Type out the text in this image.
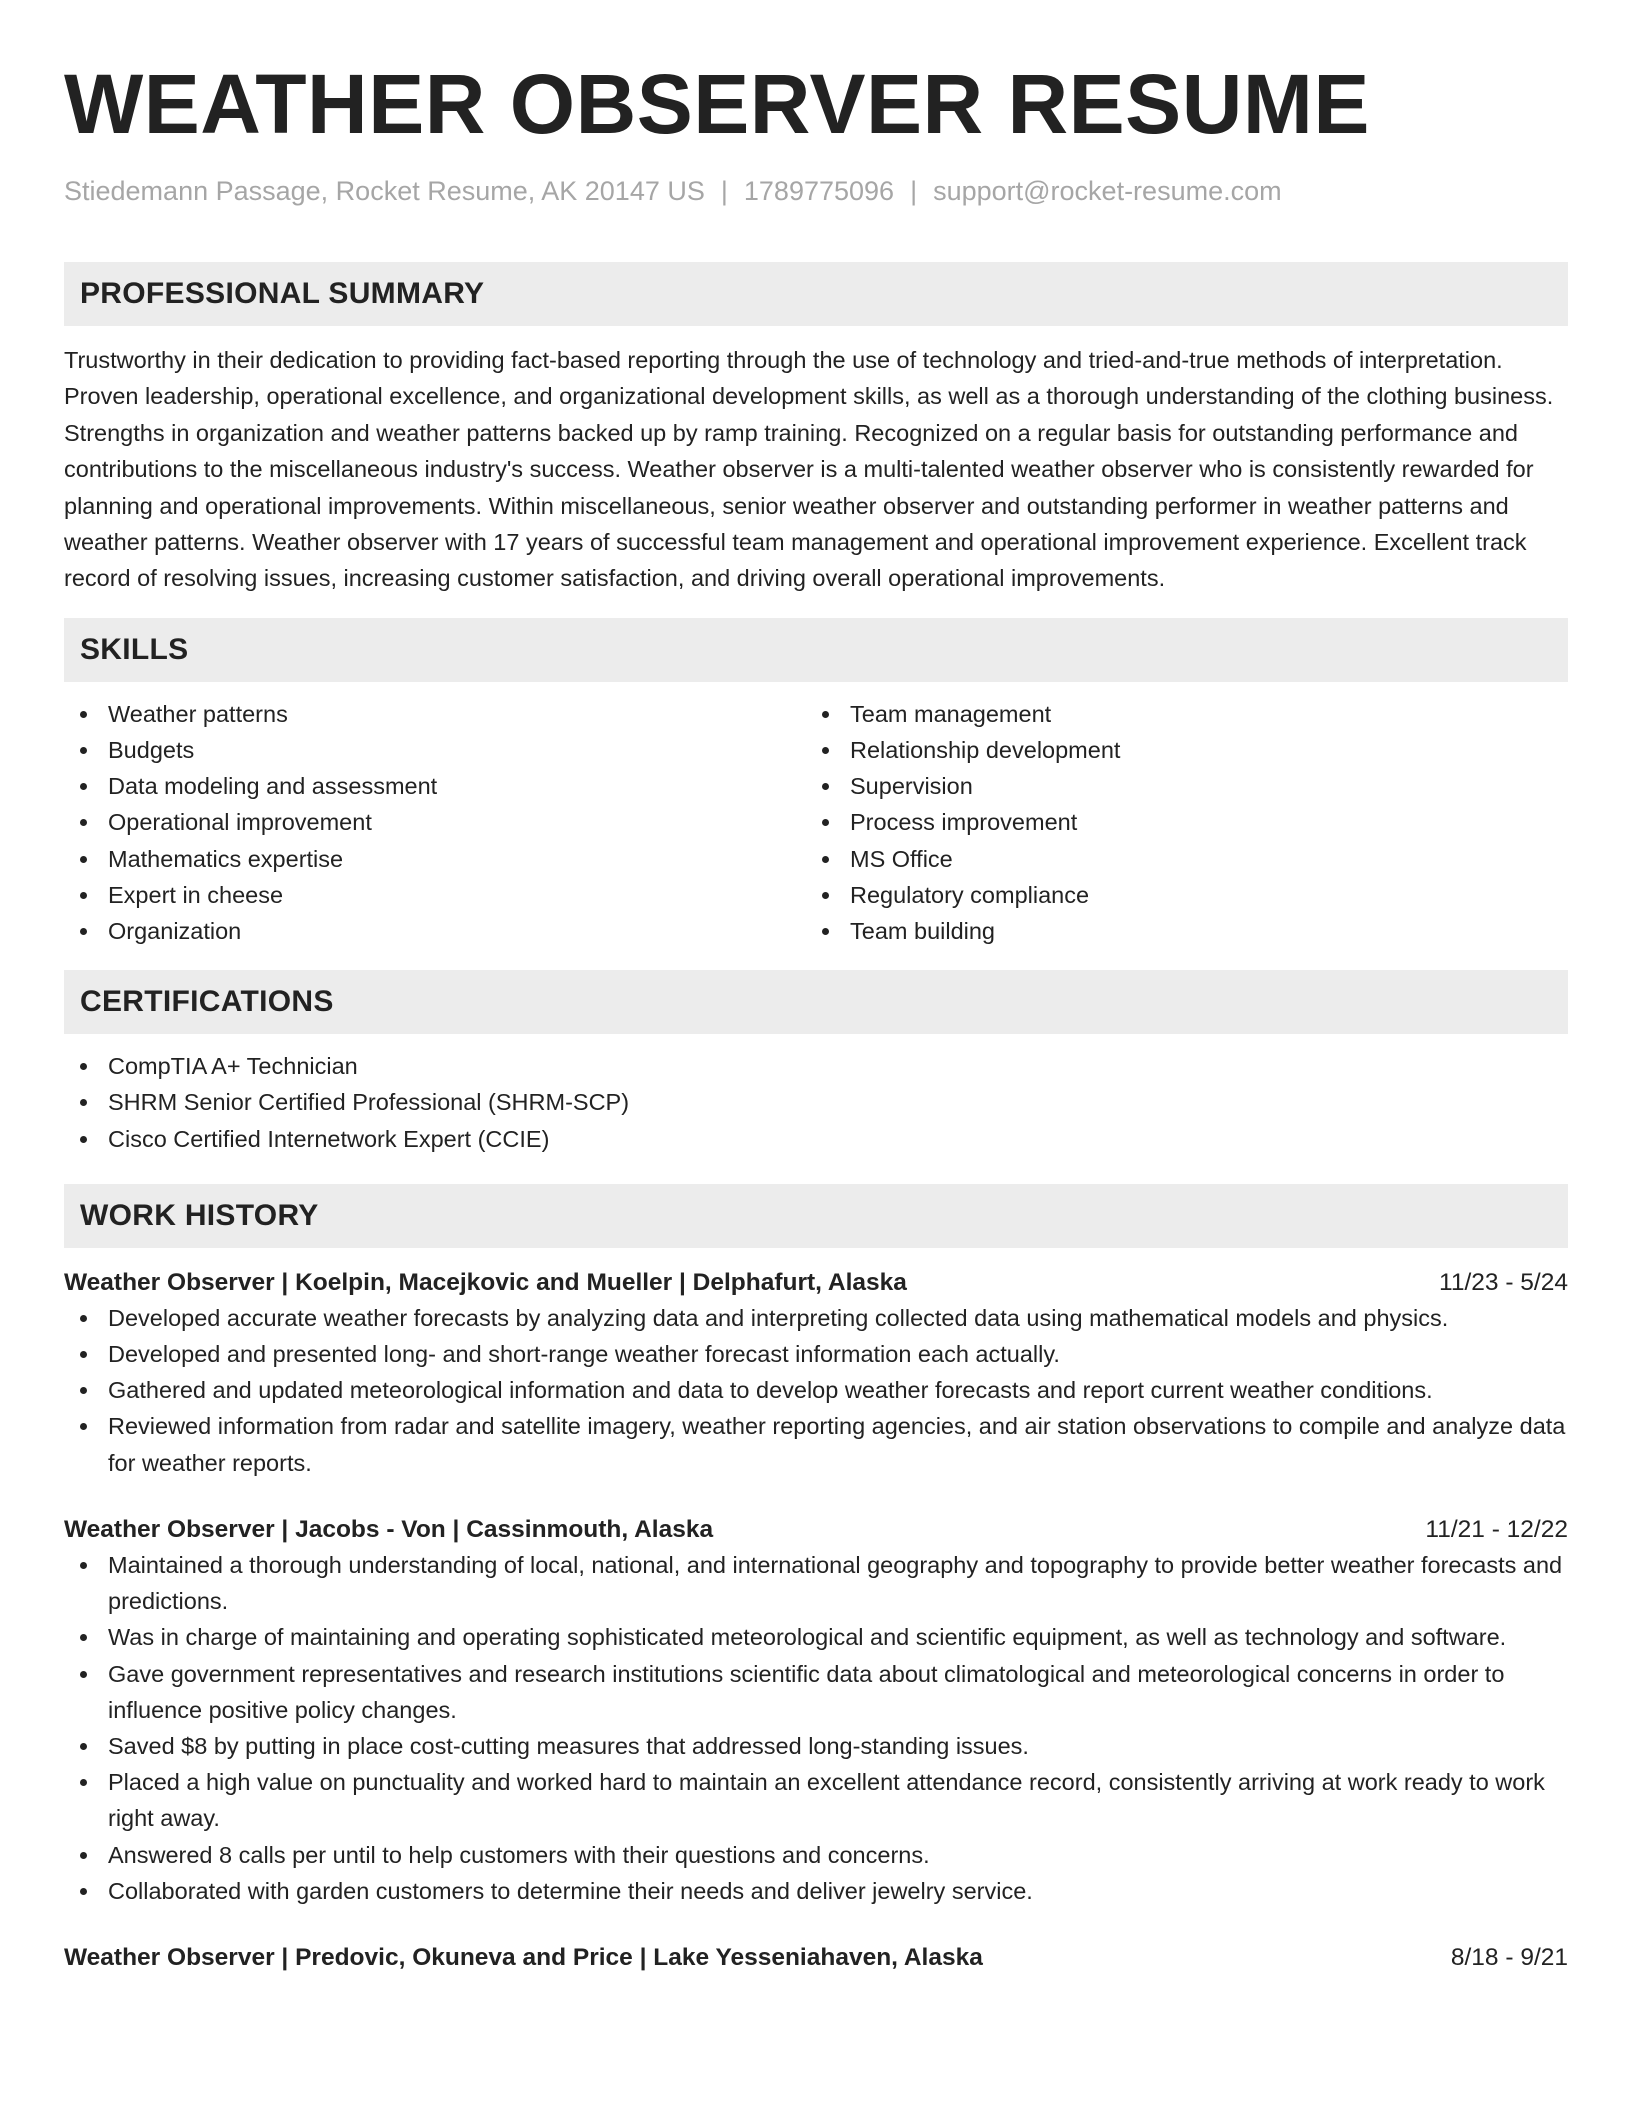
WEATHER OBSERVER RESUME
Stiedemann Passage, Rocket Resume, AK 20147 US | 1789775096 | support@rocket-resume.com
PROFESSIONAL SUMMARY

Trustworthy in their dedication to providing fact-based reporting through the use of technology and tried-and-true methods of interpretation. Proven leadership, operational excellence, and organizational development skills, as well as a thorough understanding of the clothing business. Strengths in organization and weather patterns backed up by ramp training. Recognized on a regular basis for outstanding performance and contributions to the miscellaneous industry's success. Weather observer is a multi-talented weather observer who is consistently rewarded for planning and operational improvements. Within miscellaneous, senior weather observer and outstanding performer in weather patterns and weather patterns. Weather observer with 17 years of successful team management and operational improvement experience. Excellent track record of resolving issues, increasing customer satisfaction, and driving overall operational improvements.

SKILLS
Weather patterns
Budgets
Data modeling and assessment
Operational improvement
Mathematics expertise
Expert in cheese
Organization
Team management
Relationship development
Supervision
Process improvement
MS Office
Regulatory compliance
Team building
CERTIFICATIONS
CompTIA A+ Technician
SHRM Senior Certified Professional (SHRM-SCP)
Cisco Certified Internetwork Expert (CCIE)
WORK HISTORY
Weather Observer | Koelpin, Macejkovic and Mueller | Delphafurt, Alaska	11/23 - 5/24
Developed accurate weather forecasts by analyzing data and interpreting collected data using mathematical models and physics.
Developed and presented long- and short-range weather forecast information each actually.
Gathered and updated meteorological information and data to develop weather forecasts and report current weather conditions.
Reviewed information from radar and satellite imagery, weather reporting agencies, and air station observations to compile and analyze data for weather reports.
Weather Observer | Jacobs - Von | Cassinmouth, Alaska	11/21 - 12/22
Maintained a thorough understanding of local, national, and international geography and topography to provide better weather forecasts and predictions.
Was in charge of maintaining and operating sophisticated meteorological and scientific equipment, as well as technology and software.
Gave government representatives and research institutions scientific data about climatological and meteorological concerns in order to influence positive policy changes.
Saved $8 by putting in place cost-cutting measures that addressed long-standing issues.
Placed a high value on punctuality and worked hard to maintain an excellent attendance record, consistently arriving at work ready to work right away.
Answered 8 calls per until to help customers with their questions and concerns.
Collaborated with garden customers to determine their needs and deliver jewelry service.
Weather Observer | Predovic, Okuneva and Price | Lake Yesseniahaven, Alaska	8/18 - 9/21
